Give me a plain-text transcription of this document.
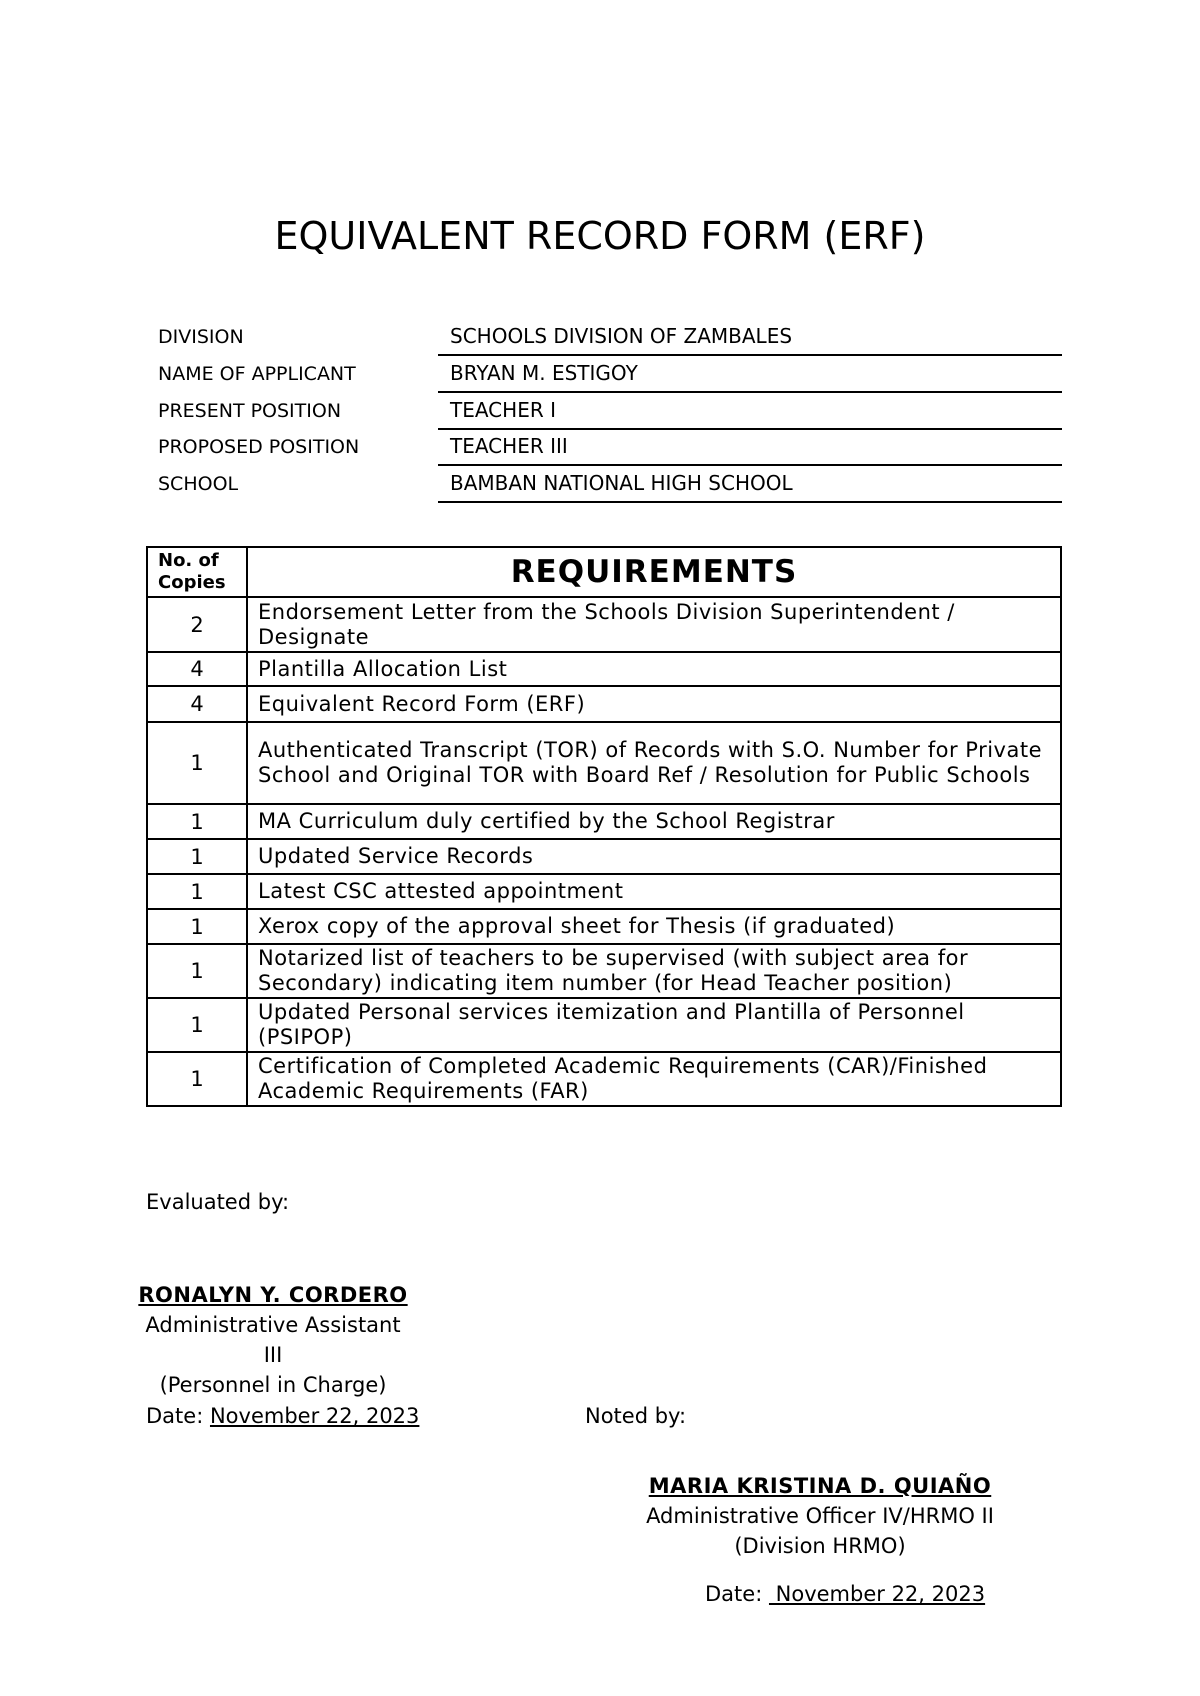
EQUIVALENT RECORD FORM (ERF)
DIVISION	SCHOOLS DIVISION OF ZAMBALES
NAME OF APPLICANT	BRYAN M. ESTIGOY
PRESENT POSITION	TEACHER I
PROPOSED POSITION	TEACHER III
SCHOOL	BAMBAN NATIONAL HIGH SCHOOL
No. of Copies	REQUIREMENTS
2	Endorsement Letter from the Schools Division Superintendent / Designate
4	Plantilla Allocation List
4	Equivalent Record Form (ERF)
1	Authenticated Transcript (TOR) of Records with S.O. Number for Private School and Original TOR with Board Ref / Resolution for Public Schools
1	MA Curriculum duly certified by the School Registrar
1	Updated Service Records
1	Latest CSC attested appointment
1	Xerox copy of the approval sheet for Thesis (if graduated)
1	Notarized list of teachers to be supervised (with subject area for Secondary) indicating item number (for Head Teacher position)
1	Updated Personal services itemization and Plantilla of Personnel (PSIPOP)
1	Certification of Completed Academic Requirements (CAR)/Finished Academic Requirements (FAR)
Evaluated by:
RONALYN Y. CORDERO
Administrative Assistant
III
(Personnel in Charge)
Date: November 22, 2023	Noted by:
MARIA KRISTINA D. QUIAÑO
Administrative Officer IV/HRMO II
(Division HRMO)
Date:  November 22, 2023
